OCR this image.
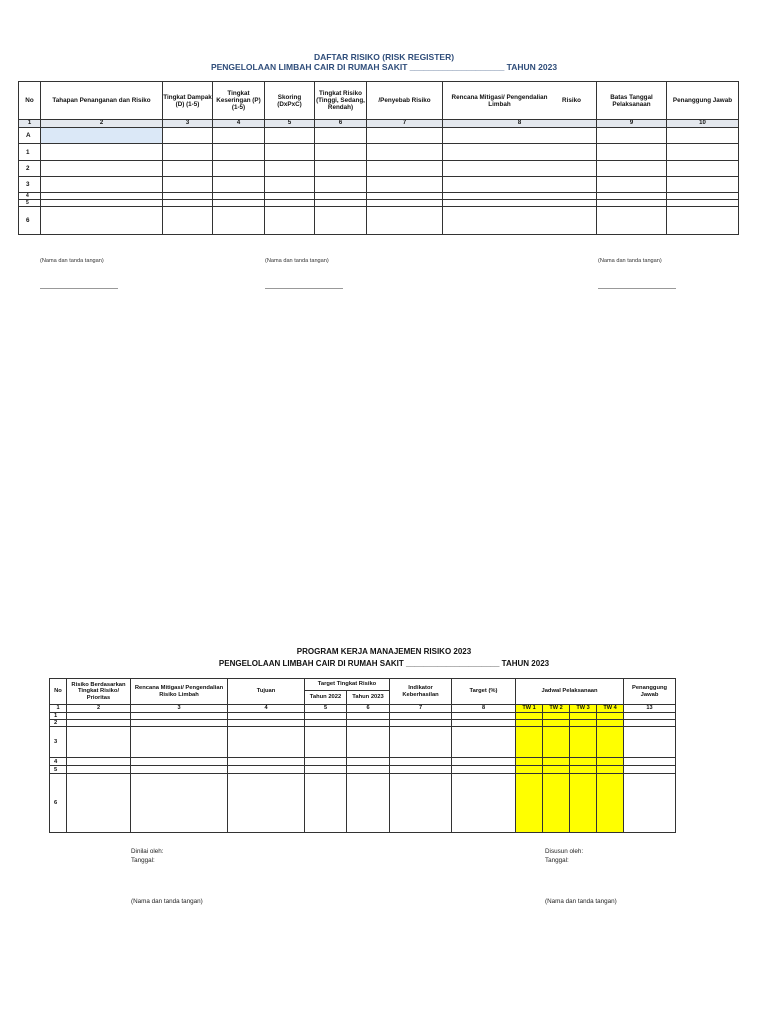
DAFTAR RISIKO (RISK REGISTER)
PENGELOLAAN LIMBAH CAIR DI RUMAH SAKIT ____________________ TAHUN 2023
No	Tahapan Penanganan dan Risiko	Tingkat Dampak (D) (1-5)	Tingkat Keseringan (P) (1-5)	Skoring (DxPxC)	Tingkat Risiko (Tinggi, Sedang, Rendah)	/Penyebab Risiko	Rencana Mitigasi/ Pengendalian Limbah Risiko	Batas Tanggal Pelaksanaan	Penanggung Jawab
1	2	3	4	5	6	7	8	9	10
A									
1									
2									
3									
4									
5									
6									
(Nama dan tanda tangan)	(Nama dan tanda tangan)	(Nama dan tanda tangan)
PROGRAM KERJA MANAJEMEN RISIKO 2023
PENGELOLAAN LIMBAH CAIR DI RUMAH SAKIT _____________________ TAHUN 2023
No	Risiko Berdasarkan Tingkat Risiko/ Prioritas	Rencana Mitigasi/ Pengendalian Risiko Limbah	Tujuan	Target Tingkat Risiko		Indikator Keberhasilan	Target (%)	Jadwal Pelaksanaan				Penanggung Jawab
				Tahun 2022	Tahun 2023							
1	2	3	4	5	6	7	8	TW 1	TW 2	TW 3	TW 4	13
1												
2												
3												
4												
5												
6												
Dinilai oleh:
Tanggal:
Disusun oleh:
Tanggal:
(Nama dan tanda tangan)	(Nama dan tanda tangan)
